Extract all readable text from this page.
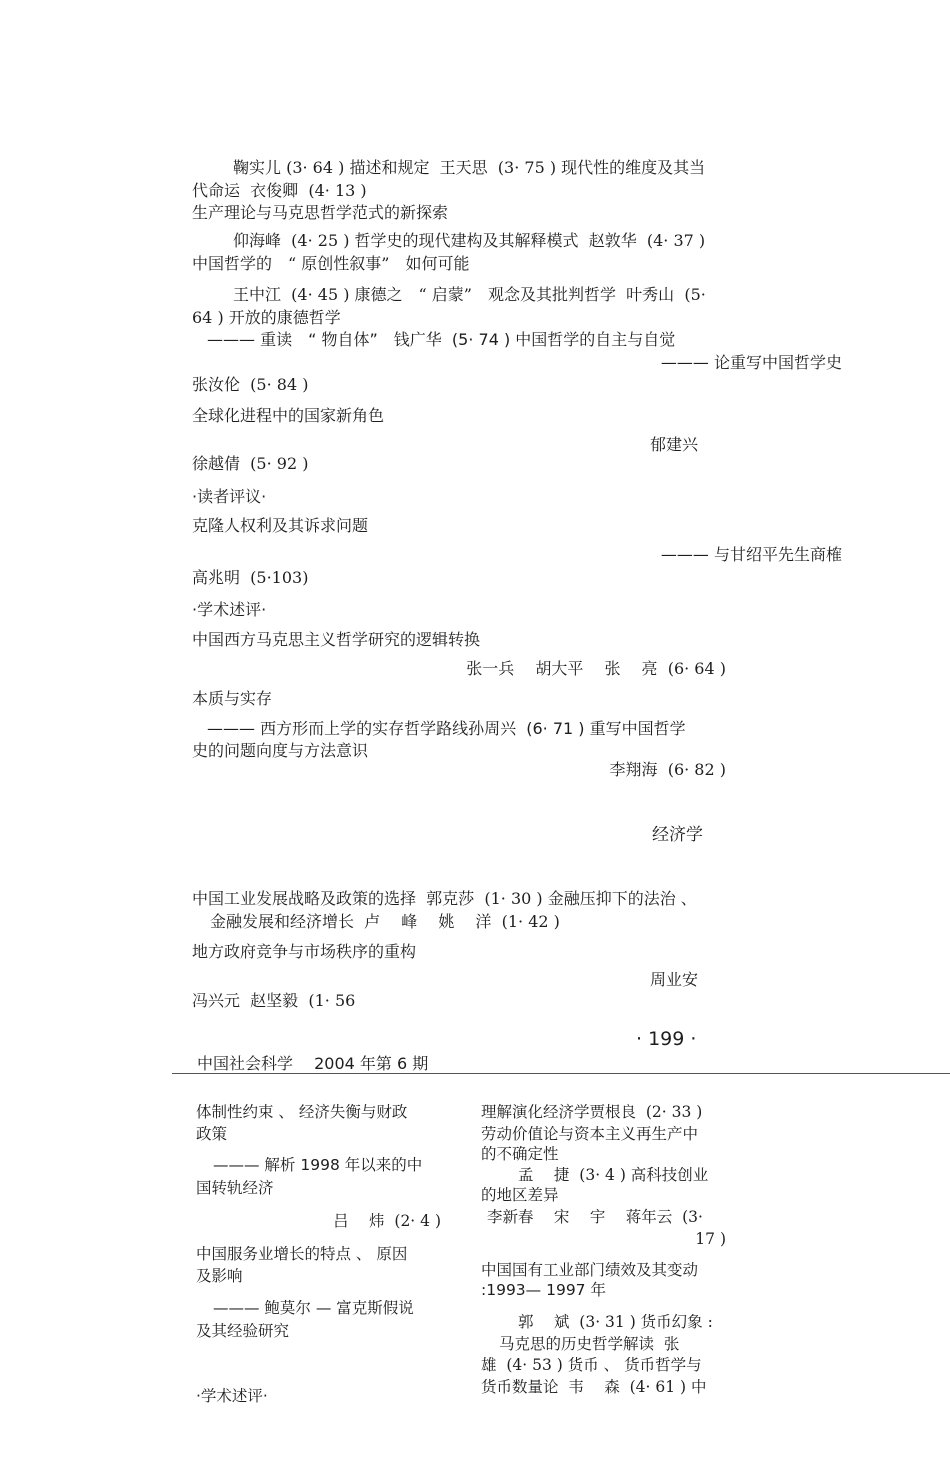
鞠实儿 (3· 64 ) 描述和规定  王天思  (3· 75 ) 现代性的维度及其当
代命运  衣俊卿  (4· 13 )
生产理论与马克思哲学范式的新探索
仰海峰  (4· 25 ) 哲学史的现代建构及其解释模式  赵敦华  (4· 37 )
中国哲学的　“ 原创性叙事”　如何可能
王中江  (4· 45 ) 康德之　“ 启蒙”　观念及其批判哲学  叶秀山  (5·
64 ) 开放的康德哲学
——— 重读　“ 物自体”　钱广华  (5· 74 ) 中国哲学的自主与自觉
——— 论重写中国哲学史
张汝伦  (5· 84 )
全球化进程中的国家新角色
郁建兴
徐越倩  (5· 92 )
·读者评议·
克隆人权利及其诉求问题
——— 与甘绍平先生商榷
高兆明  (5·103)
·学术述评·
中国西方马克思主义哲学研究的逻辑转换
张一兵　 胡大平　 张　 亮  (6· 64 )
本质与实存
——— 西方形而上学的实存哲学路线孙周兴  (6· 71 ) 重写中国哲学
史的问题向度与方法意识
李翔海  (6· 82 )
经济学
中国工业发展战略及政策的选择  郭克莎  (1· 30 ) 金融压抑下的法治 、
金融发展和经济增长  卢　 峰　 姚　 洋  (1· 42 )
地方政府竞争与市场秩序的重构
周业安
冯兴元  赵坚毅  (1· 56
· 199 ·
中国社会科学　 2004 年第 6 期
体制性约束 、 经济失衡与财政
政策
——— 解析 1998 年以来的中
国转轨经济
吕　 炜  (2· 4 )
中国服务业增长的特点 、 原因
及影响
——— 鲍莫尔 — 富克斯假说
及其经验研究
·学术述评·
理解演化经济学贾根良  (2· 33 )
劳动价值论与资本主义再生产中
的不确定性
孟　 捷  (3· 4 ) 高科技创业
的地区差异
李新春　 宋　 宇　 蒋年云  (3·
17 )
中国国有工业部门绩效及其变动
:1993— 1997 年
郭　 斌  (3· 31 ) 货币幻象 :
马克思的历史哲学解读  张
雄  (4· 53 ) 货币 、 货币哲学与
货币数量论  韦　 森  (4· 61 ) 中
